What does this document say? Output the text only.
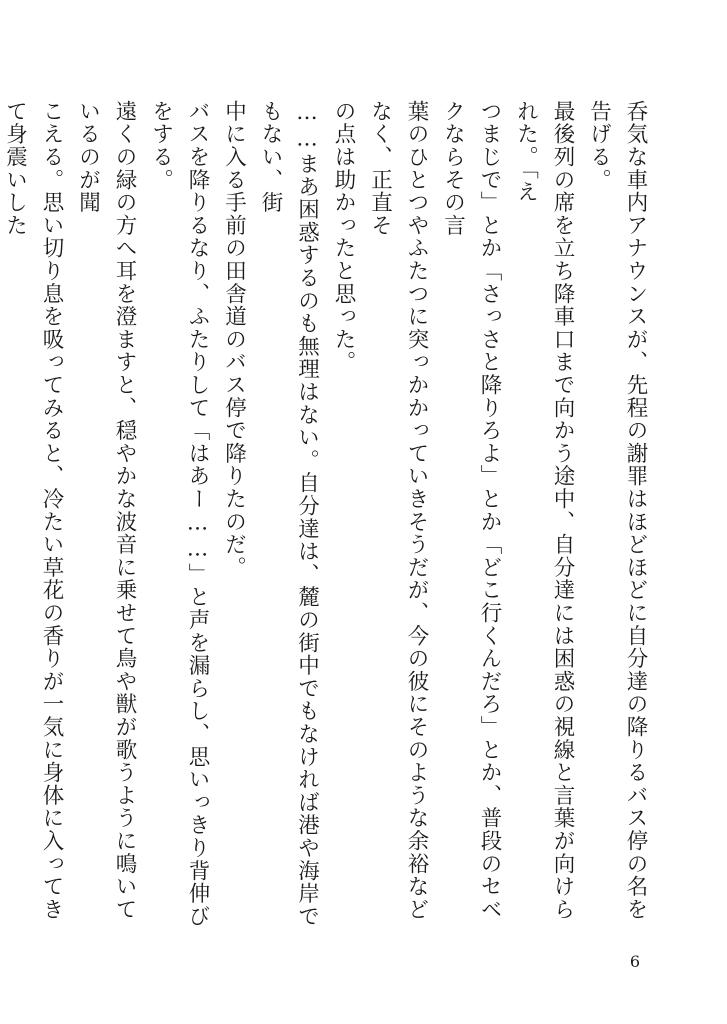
呑気な車内アナウンスが、先程の謝罪はほどほどに自分達の降りるバス停の名を告げる。

最後列の席を立ち降車口まで向かう途中、自分達には困惑の視線と言葉が向けられた。「え

つまじで」とか「さっさと降りろよ」とか「どこ行くんだろ」とか、普段のセベクならその言

葉のひとつやふたつに突っかかっていきそうだが、今の彼にそのような余裕などなく、正直そ

の点は助かったと思った。

……まあ困惑するのも無理はない。自分達は、麓の街中でもなければ港や海岸でもない、街

中に入る手前の田舎道のバス停で降りたのだ。

バスを降りるなり、ふたりして「はあー……」と声を漏らし、思いっきり背伸びをする。

遠くの緑の方へ耳を澄ますと、穏やかな波音に乗せて鳥や獣が歌うように鳴いているのが聞

こえる。思い切り息を吸ってみると、冷たい草花の香りが一気に身体に入ってきて身震いした

6
